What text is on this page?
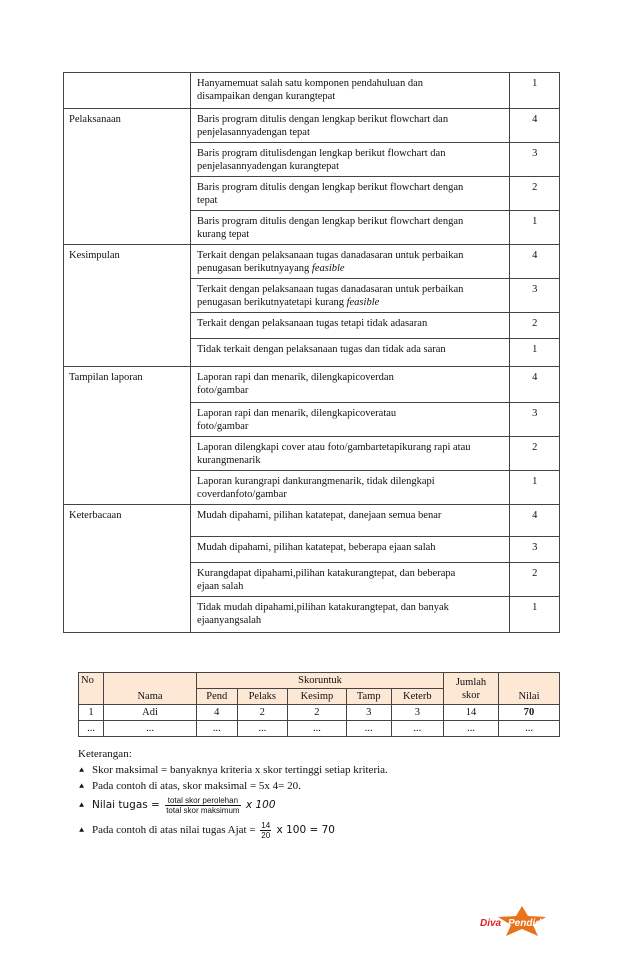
	Hanyamemuat salah satu komponen pendahuluan dan
disampaikan dengan kurangtepat	1
Pelaksanaan	Baris program ditulis dengan lengkap berikut flowchart dan
penjelasannyadengan tepat	4
	Baris program ditulisdengan lengkap berikut flowchart dan
penjelasannyadengan kurangtepat	3
	Baris program ditulis dengan lengkap berikut flowchart dengan
tepat	2
	Baris program ditulis dengan lengkap berikut flowchart dengan
kurang tepat	1
Kesimpulan	Terkait dengan pelaksanaan tugas danadasaran untuk perbaikan
penugasan berikutnyayang feasible	4
	Terkait dengan pelaksanaan tugas danadasaran untuk perbaikan
penugasan berikutnyatetapi kurang feasible	3
	Terkait dengan pelaksanaan tugas tetapi tidak adasaran	2
	Tidak terkait dengan pelaksanaan tugas dan tidak ada saran	1
Tampilan laporan	Laporan rapi dan menarik, dilengkapicoverdan
foto/gambar	4
	Laporan rapi dan menarik, dilengkapicoveratau
foto/gambar	3
	Laporan dilengkapi cover atau foto/gambartetapikurang rapi atau
kurangmenarik	2
	Laporan kurangrapi dankurangmenarik, tidak dilengkapi
coverdanfoto/gambar	1
Keterbacaan	Mudah dipahami, pilihan katatepat, danejaan semua benar	4
	Mudah dipahami, pilihan katatepat, beberapa ejaan salah	3
	Kurangdapat dipahami,pilihan katakurangtepat, dan beberapa
ejaan salah	2
	Tidak mudah dipahami,pilihan katakurangtepat, dan banyak
ejaanyangsalah	1
No	Nama	Skoruntuk					Jumlah
skor	Nilai
		Pend	Pelaks	Kesimp	Tamp	Keterb		
1	Adi	4	2	2	3	3	14	70
...	...	...	...	...	...	...	...	...
Keterangan:
⯅ Skor maksimal = banyaknya kriteria x skor tertinggi setiap kriteria.
⯅ Pada contoh di atas, skor maksimal = 5x 4= 20.
⯅ Nilai tugas = $\frac{\text{total skor perolehan}}{\text{total skor maksimum}}$ x 100
⯅ Pada contoh di atas nilai tugas Ajat = $\frac{14}{20}$ x 100 = 70
Diva Pendidikan
